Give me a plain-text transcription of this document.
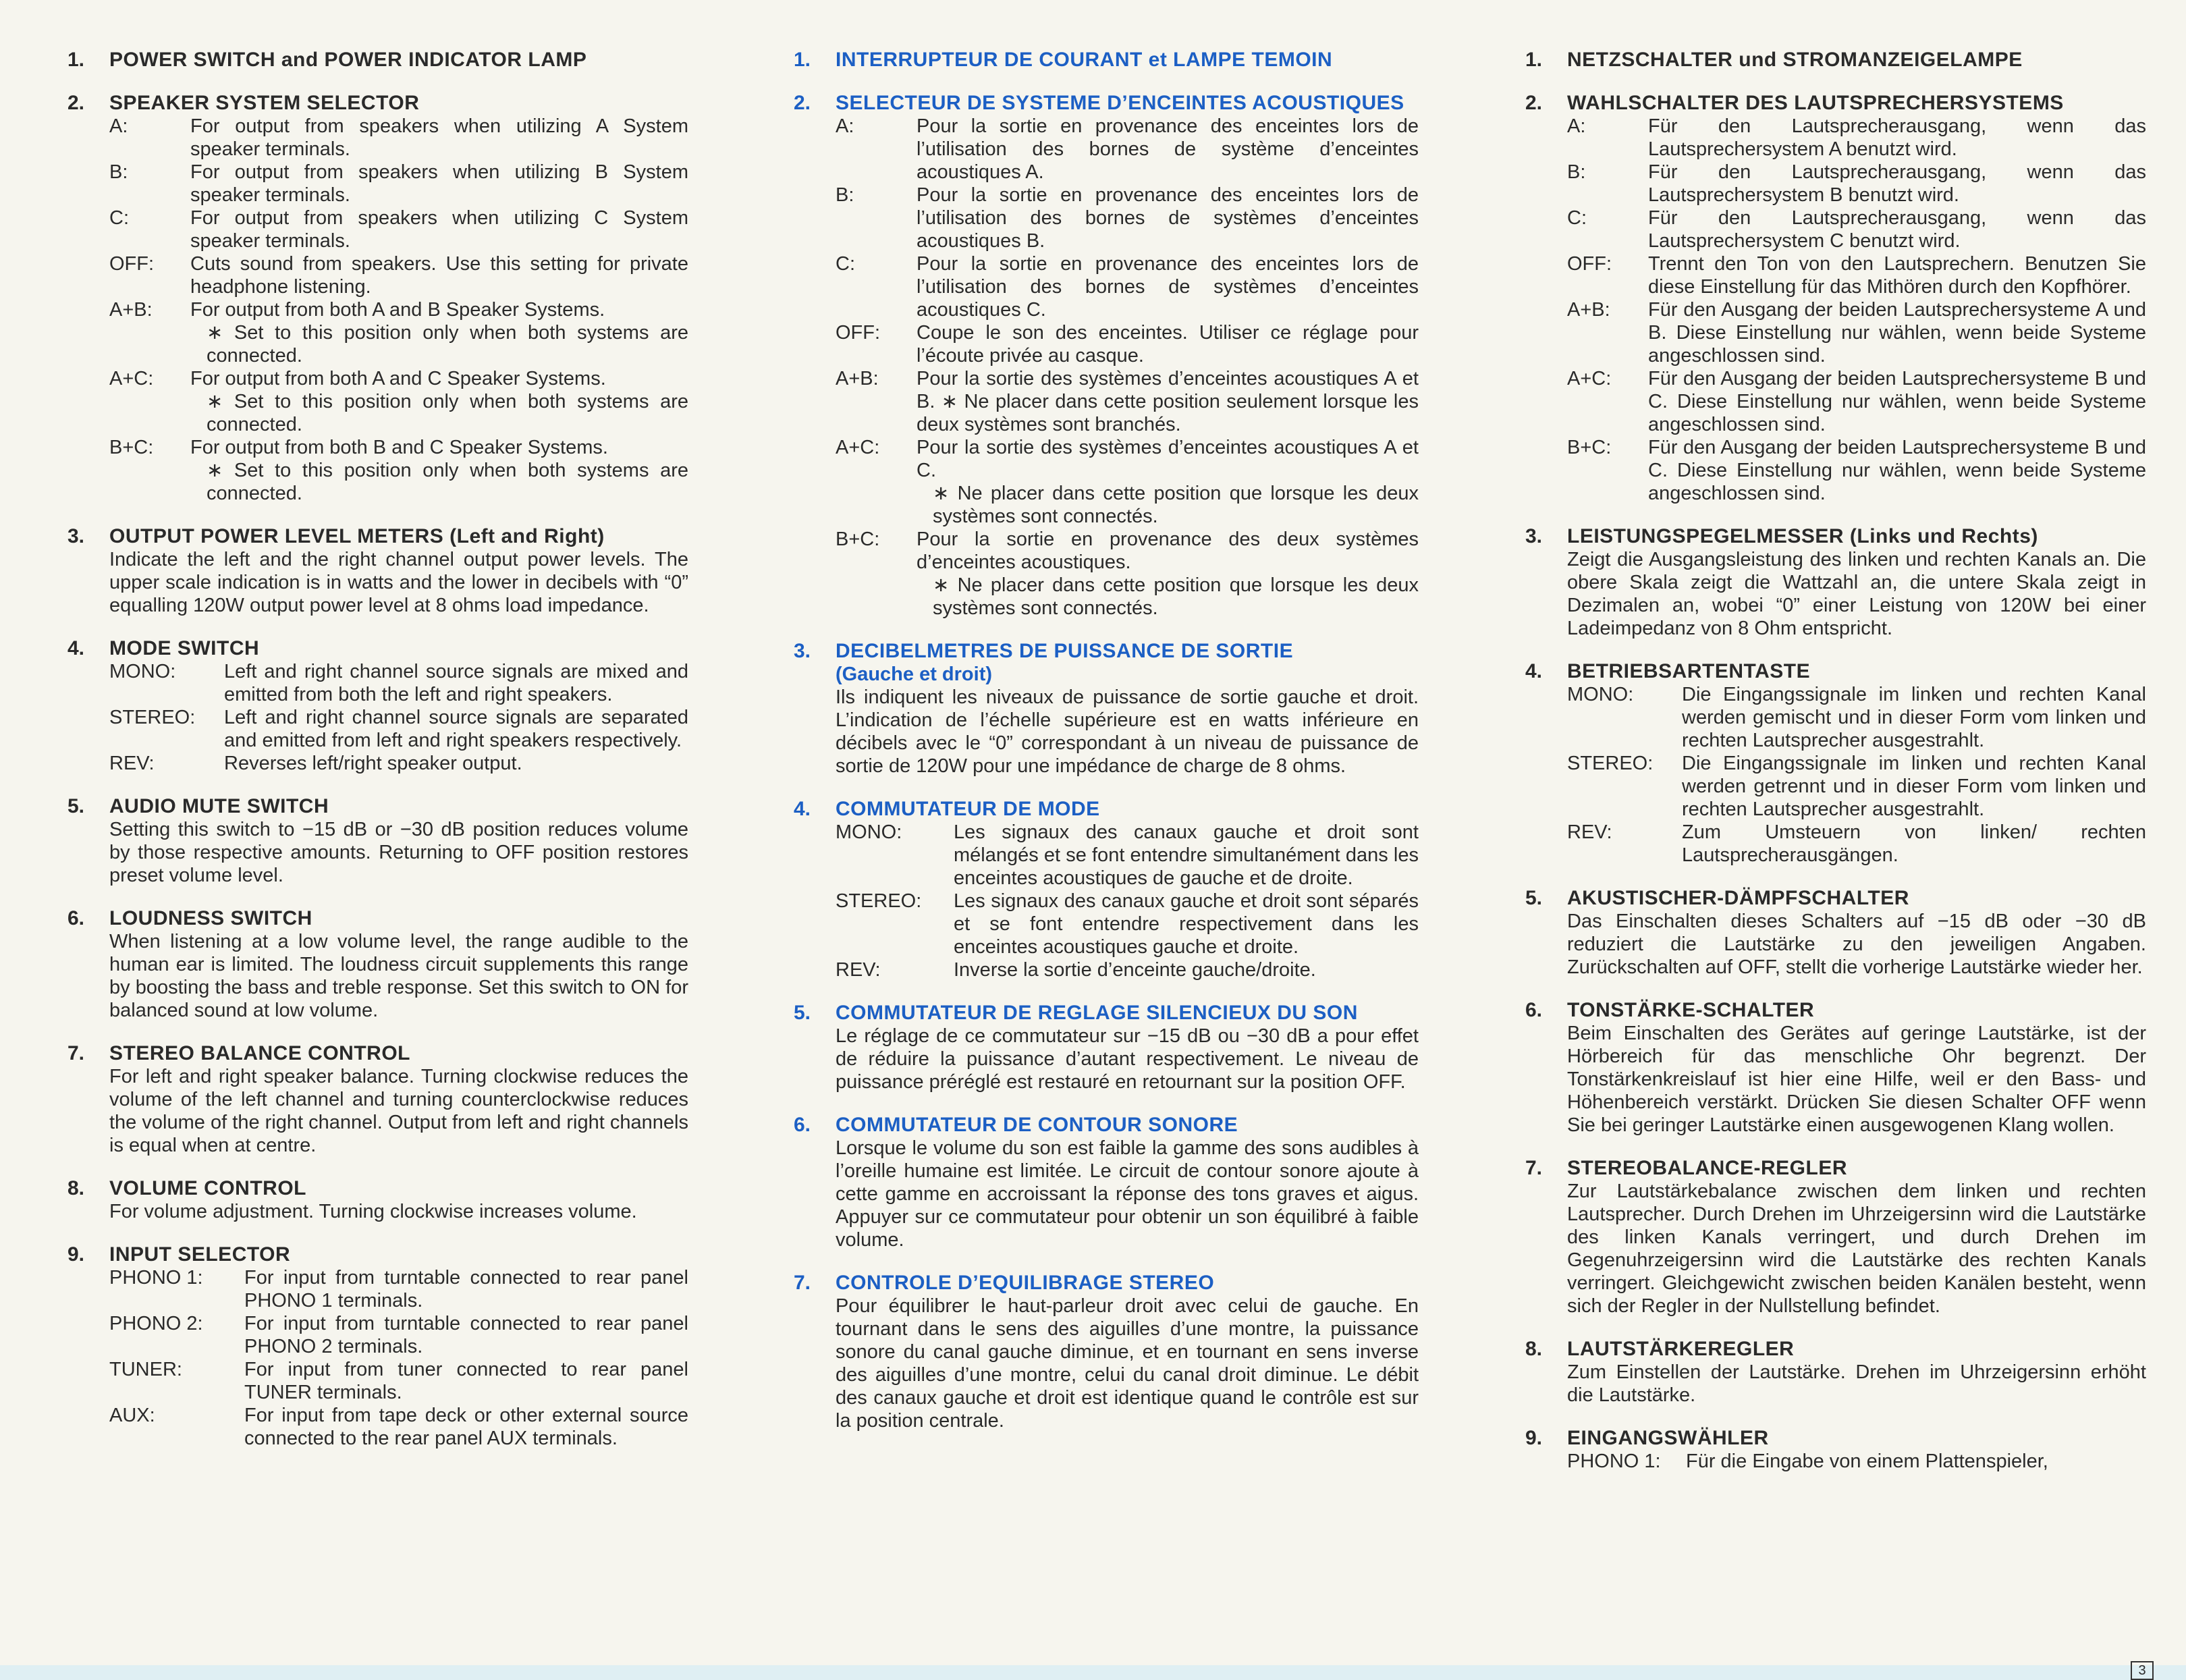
1.	POWER SWITCH and POWER INDICATOR LAMP
2.	SPEAKER SYSTEM SELECTOR
A:	For output from speakers when utilizing A System speaker terminals.
B:	For output from speakers when utilizing B System speaker terminals.
C:	For output from speakers when utilizing C System speaker terminals.
OFF:	Cuts sound from speakers. Use this setting for private headphone listening.
A+B:	For output from both A and B Speaker Systems.
∗ Set to this position only when both systems are connected.
A+C:	For output from both A and C Speaker Systems.
∗ Set to this position only when both systems are connected.
B+C:	For output from both B and C Speaker Systems.
∗ Set to this position only when both systems are connected.
3.	OUTPUT POWER LEVEL METERS (Left and Right)
Indicate the left and the right channel output power levels. The upper scale indication is in watts and the lower in decibels with “0” equalling 120W output power level at 8 ohms load impedance.
4.	MODE SWITCH
MONO:	Left and right channel source signals are mixed and emitted from both the left and right speakers.
STEREO:	Left and right channel source signals are separated and emitted from left and right speakers respectively.
REV:	Reverses left/right speaker output.
5.	AUDIO MUTE SWITCH
Setting this switch to −15 dB or −30 dB position reduces volume by those respective amounts. Returning to OFF position restores preset volume level.
6.	LOUDNESS SWITCH
When listening at a low volume level, the range audible to the human ear is limited. The loudness circuit supplements this range by boosting the bass and treble response. Set this switch to ON for balanced sound at low volume.
7.	STEREO BALANCE CONTROL
For left and right speaker balance. Turning clockwise reduces the volume of the left channel and turning counterclockwise reduces the volume of the right channel. Output from left and right channels is equal when at centre.
8.	VOLUME CONTROL
For volume adjustment. Turning clockwise increases volume.
9.	INPUT SELECTOR
PHONO 1:	For input from turntable connected to rear panel PHONO 1 terminals.
PHONO 2:	For input from turntable connected to rear panel PHONO 2 terminals.
TUNER:	For input from tuner connected to rear panel TUNER terminals.
AUX:	For input from tape deck or other external source connected to the rear panel AUX terminals.
1.	INTERRUPTEUR DE COURANT et LAMPE TEMOIN
2.	SELECTEUR DE SYSTEME D’ENCEINTES ACOUSTIQUES
A:	Pour la sortie en provenance des enceintes lors de l’utilisation des bornes de système d’enceintes acoustiques A.
B:	Pour la sortie en provenance des enceintes lors de l’utilisation des bornes de systèmes d’enceintes acoustiques B.
C:	Pour la sortie en provenance des enceintes lors de l’utilisation des bornes de systèmes d’enceintes acoustiques C.
OFF:	Coupe le son des enceintes. Utiliser ce réglage pour l’écoute privée au casque.
A+B:	Pour la sortie des systèmes d’enceintes acoustiques A et B. ∗ Ne placer dans cette position seulement lorsque les deux systèmes sont branchés.
A+C:	Pour la sortie des systèmes d’enceintes acoustiques A et C.
∗ Ne placer dans cette position que lorsque les deux systèmes sont connectés.
B+C:	Pour la sortie en provenance des deux systèmes d’enceintes acoustiques.
∗ Ne placer dans cette position que lorsque les deux systèmes sont connectés.
3.	DECIBELMETRES DE PUISSANCE DE SORTIE
(Gauche et droit)
Ils indiquent les niveaux de puissance de sortie gauche et droit. L’indication de l’échelle supérieure est en watts inférieure en décibels avec le “0” correspondant à un niveau de puissance de sortie de 120W pour une impédance de charge de 8 ohms.
4.	COMMUTATEUR DE MODE
MONO:	Les signaux des canaux gauche et droit sont mélangés et se font entendre simultanément dans les enceintes acoustiques de gauche et de droite.
STEREO:	Les signaux des canaux gauche et droit sont séparés et se font entendre respectivement dans les enceintes acoustiques gauche et droite.
REV:	Inverse la sortie d’enceinte gauche/droite.
5.	COMMUTATEUR DE REGLAGE SILENCIEUX DU SON
Le réglage de ce commutateur sur −15 dB ou −30 dB a pour effet de réduire la puissance d’autant respectivement. Le niveau de puissance préréglé est restauré en retournant sur la position OFF.
6.	COMMUTATEUR DE CONTOUR SONORE
Lorsque le volume du son est faible la gamme des sons audibles à l’oreille humaine est limitée. Le circuit de contour sonore ajoute à cette gamme en accroissant la réponse des tons graves et aigus. Appuyer sur ce commutateur pour obtenir un son équilibré à faible volume.
7.	CONTROLE D’EQUILIBRAGE STEREO
Pour équilibrer le haut-parleur droit avec celui de gauche. En tournant dans le sens des aiguilles d’une montre, la puissance sonore du canal gauche diminue, et en tournant en sens inverse des aiguilles d’une montre, celui du canal droit diminue. Le débit des canaux gauche et droit est identique quand le contrôle est sur la position centrale.
1.	NETZSCHALTER und STROMANZEIGELAMPE
2.	WAHLSCHALTER DES LAUTSPRECHERSYSTEMS
A:	Für den Lautsprecherausgang, wenn das Lautsprechersystem A benutzt wird.
B:	Für den Lautsprecherausgang, wenn das Lautsprechersystem B benutzt wird.
C:	Für den Lautsprecherausgang, wenn das Lautsprechersystem C benutzt wird.
OFF:	Trennt den Ton von den Lautsprechern. Benutzen Sie diese Einstellung für das Mithören durch den Kopfhörer.
A+B:	Für den Ausgang der beiden Lautsprechersysteme A und B. Diese Einstellung nur wählen, wenn beide Systeme angeschlossen sind.
A+C:	Für den Ausgang der beiden Lautsprechersysteme B und C. Diese Einstellung nur wählen, wenn beide Systeme angeschlossen sind.
B+C:	Für den Ausgang der beiden Lautsprechersysteme B und C. Diese Einstellung nur wählen, wenn beide Systeme angeschlossen sind.
3.	LEISTUNGSPEGELMESSER (Links und Rechts)
Zeigt die Ausgangsleistung des linken und rechten Kanals an. Die obere Skala zeigt die Wattzahl an, die untere Skala zeigt in Dezimalen an, wobei “0” einer Leistung von 120W bei einer Ladeimpedanz von 8 Ohm entspricht.
4.	BETRIEBSARTENTASTE
MONO:	Die Eingangssignale im linken und rechten Kanal werden gemischt und in dieser Form vom linken und rechten Lautsprecher ausgestrahlt.
STEREO:	Die Eingangssignale im linken und rechten Kanal werden getrennt und in dieser Form vom linken und rechten Lautsprecher ausgestrahlt.
REV:	Zum Umsteuern von linken/ rechten Lautsprecherausgängen.
5.	AKUSTISCHER-DÄMPFSCHALTER
Das Einschalten dieses Schalters auf −15 dB oder −30 dB reduziert die Lautstärke zu den jeweiligen Angaben. Zurückschalten auf OFF, stellt die vorherige Lautstärke wieder her.
6.	TONSTÄRKE-SCHALTER
Beim Einschalten des Gerätes auf geringe Lautstärke, ist der Hörbereich für das menschliche Ohr begrenzt. Der Tonstärkenkreislauf ist hier eine Hilfe, weil er den Bass- und Höhenbereich verstärkt. Drücken Sie diesen Schalter OFF wenn Sie bei geringer Lautstärke einen ausgewogenen Klang wollen.
7.	STEREOBALANCE-REGLER
Zur Lautstärkebalance zwischen dem linken und rechten Lautsprecher. Durch Drehen im Uhrzeigersinn wird die Lautstärke des linken Kanals verringert, und durch Drehen im Gegenuhrzeigersinn wird die Lautstärke des rechten Kanals verringert. Gleichgewicht zwischen beiden Kanälen besteht, wenn sich der Regler in der Nullstellung befindet.
8.	LAUTSTÄRKEREGLER
Zum Einstellen der Lautstärke. Drehen im Uhrzeigersinn erhöht die Lautstärke.
9.	EINGANGSWÄHLER
PHONO 1:	Für die Eingabe von einem Plattenspieler,
3
